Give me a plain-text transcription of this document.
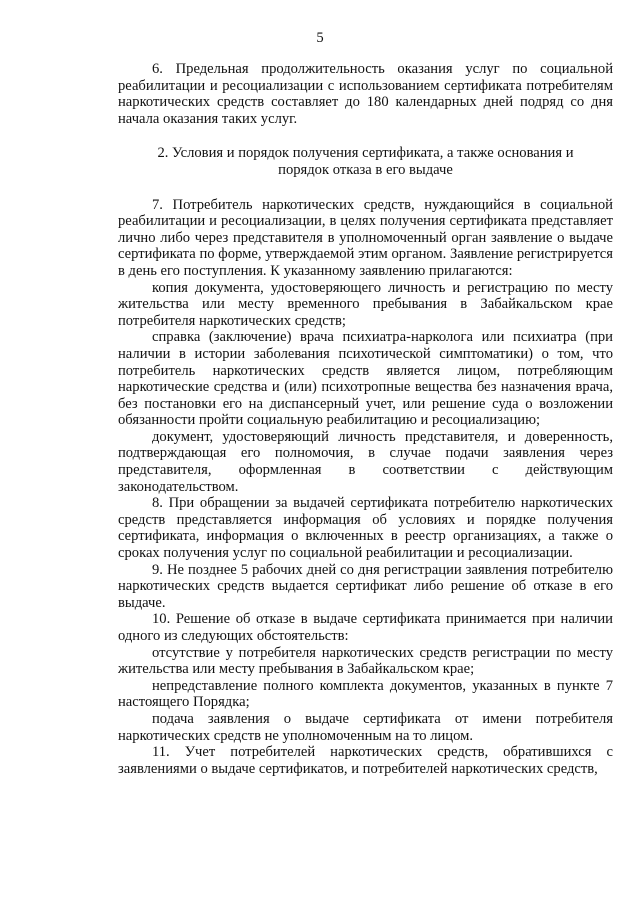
5

6. Предельная продолжительность оказания услуг по социальной реабилитации и ресоциализации с использованием сертификата потребителям наркотических средств составляет до 180 календарных дней подряд со дня начала оказания таких услуг.

2. Условия и порядок получения сертификата, а также основания и порядок отказа в его выдаче

7. Потребитель наркотических средств, нуждающийся в социальной реабилитации и ресоциализации, в целях получения сертификата представляет лично либо через представителя в уполномоченный орган заявление о выдаче сертификата по форме, утверждаемой этим органом. Заявление регистрируется в день его поступления. К указанному заявлению прилагаются:

копия документа, удостоверяющего личность и регистрацию по месту жительства или месту временного пребывания в Забайкальском крае потребителя наркотических средств;

справка (заключение) врача психиатра-нарколога или психиатра (при наличии в истории заболевания психотической симптоматики) о том, что потребитель наркотических средств является лицом, потребляющим наркотические средства и (или) психотропные вещества без назначения врача, без постановки его на диспансерный учет, или решение суда о возложении обязанности пройти социальную реабилитацию и ресоциализацию;

документ, удостоверяющий личность представителя, и доверенность, подтверждающая его полномочия, в случае подачи заявления через представителя, оформленная в соответствии с действующим законодательством.

8. При обращении за выдачей сертификата потребителю наркотических средств представляется информация об условиях и порядке получения сертификата, информация о включенных в реестр организациях, а также о сроках получения услуг по социальной реабилитации и ресоциализации.

9. Не позднее 5 рабочих дней со дня регистрации заявления потребителю наркотических средств выдается сертификат либо решение об отказе в его выдаче.

10. Решение об отказе в выдаче сертификата принимается при наличии одного из следующих обстоятельств:

отсутствие у потребителя наркотических средств регистрации по месту жительства или месту пребывания в Забайкальском крае;

непредставление полного комплекта документов, указанных в пункте 7 настоящего Порядка;

подача заявления о выдаче сертификата от имени потребителя наркотических средств не уполномоченным на то лицом.

11. Учет потребителей наркотических средств, обратившихся с заявлениями о выдаче сертификатов, и потребителей наркотических средств,
